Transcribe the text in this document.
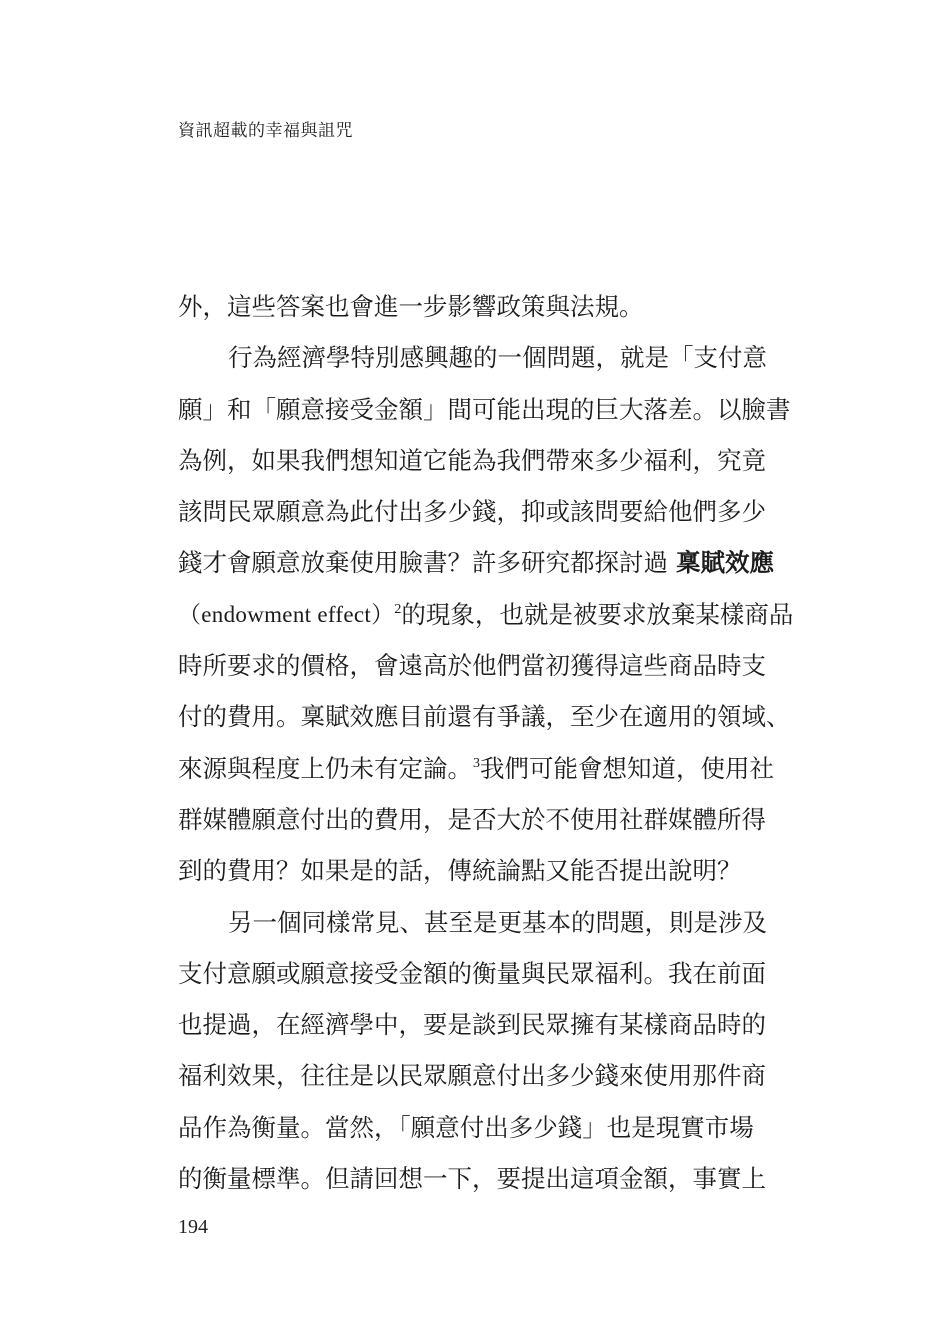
資訊超載的幸福與詛咒
外，這些答案也會進一步影響政策與法規。
行為經濟學特別感興趣的一個問題，就是「支付意
願」和「願意接受金額」間可能出現的巨大落差。以臉書
為例，如果我們想知道它能為我們帶來多少福利，究竟
該問民眾願意為此付出多少錢，抑或該問要給他們多少
錢才會願意放棄使用臉書？許多研究都探討過 稟賦效應
（endowment effect） $^2$的現象，也就是被要求放棄某樣商品
時所要求的價格，會遠高於他們當初獲得這些商品時支
付的費用。稟賦效應目前還有爭議，至少在適用的領域、
來源與程度上仍未有定論。 $^3$我們可能會想知道，使用社
群媒體願意付出的費用，是否大於不使用社群媒體所得
到的費用？如果是的話，傳統論點又能否提出說明？
另一個同樣常見、甚至是更基本的問題，則是涉及
支付意願或願意接受金額的衡量與民眾福利。我在前面
也提過，在經濟學中，要是談到民眾擁有某樣商品時的
福利效果，往往是以民眾願意付出多少錢來使用那件商
品作為衡量。當然，「願意付出多少錢」也是現實市場
的衡量標準。但請回想一下，要提出這項金額，事實上
194
